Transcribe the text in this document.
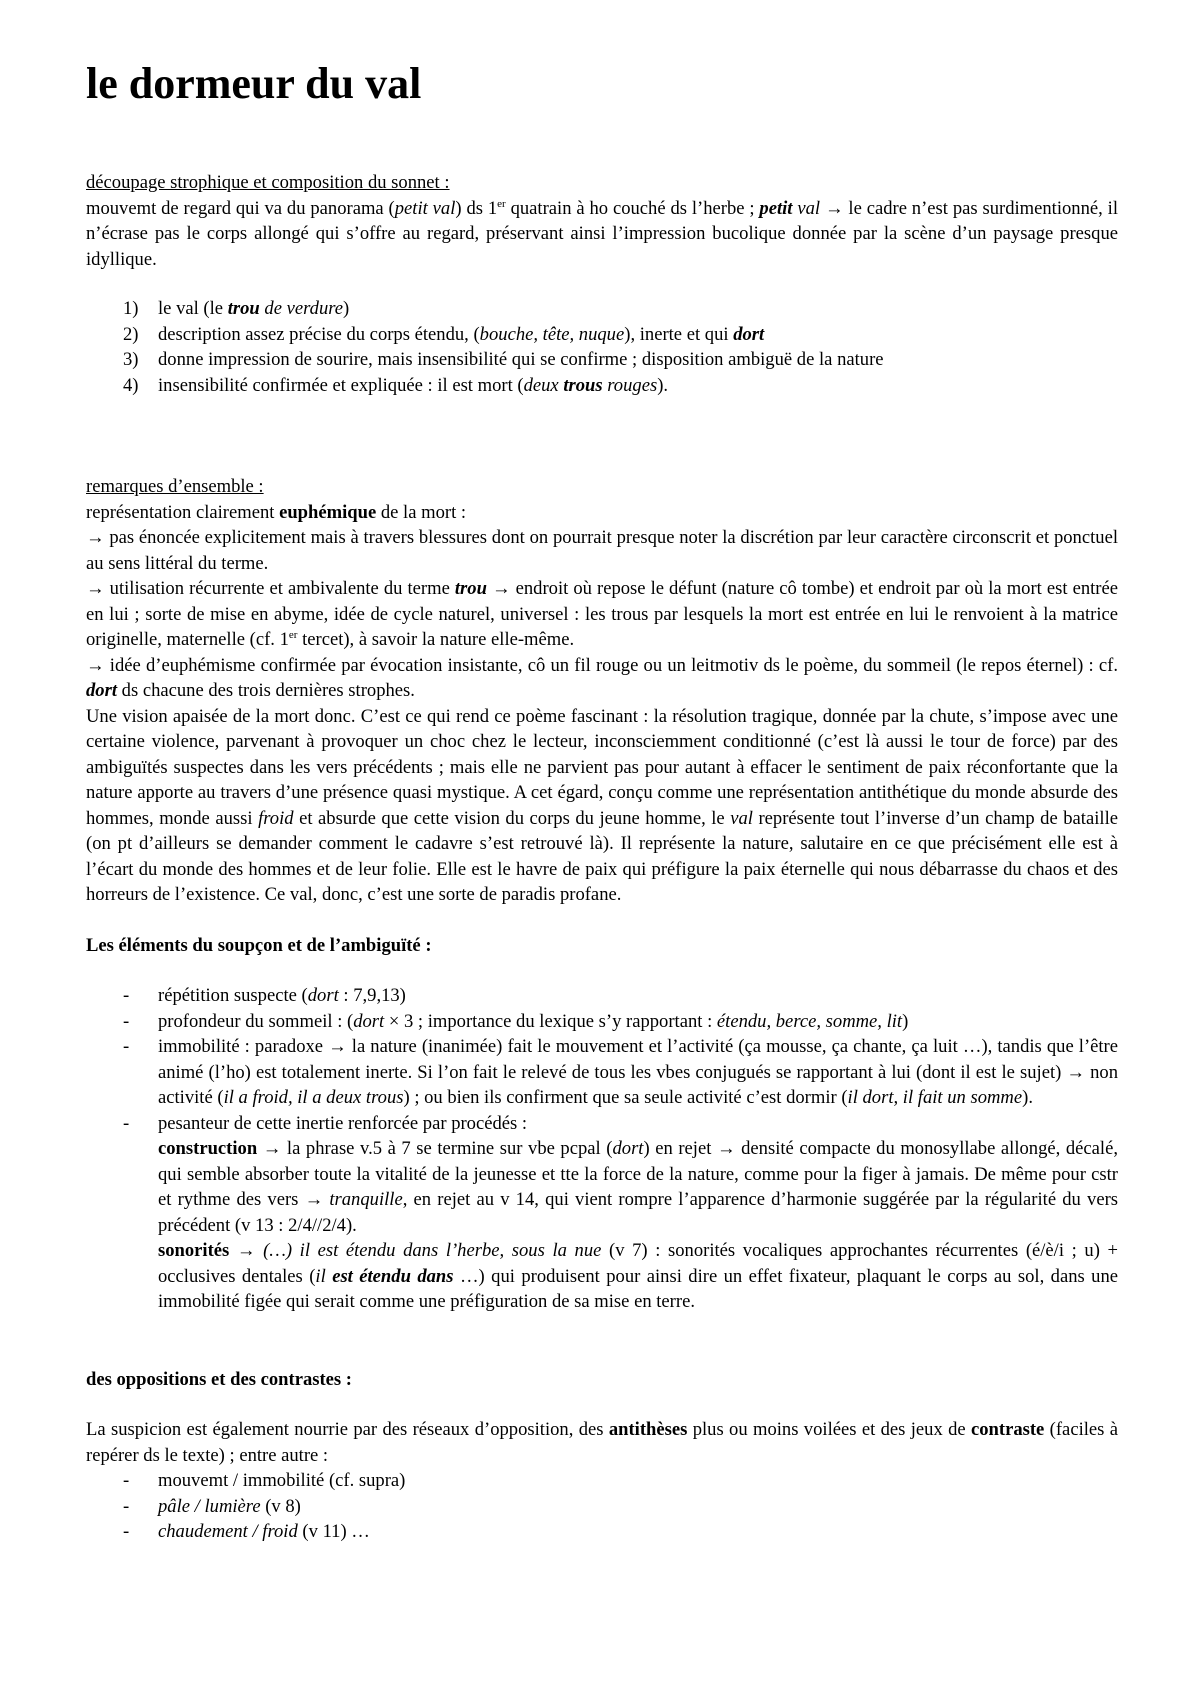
le dormeur du val

découpage strophique et composition du sonnet :

mouvemt de regard qui va du panorama (petit val) ds 1er quatrain à ho couché ds l’herbe ; petit val → le cadre n’est pas surdimentionné, il n’écrase pas le corps allongé qui s’offre au regard, préservant ainsi l’impression bucolique donnée par la scène d’un paysage presque idyllique.

1) le val (le trou de verdure)
2) description assez précise du corps étendu, (bouche, tête, nuque), inerte et qui dort
3) donne impression de sourire, mais insensibilité qui se confirme ; disposition ambiguë de la nature
4) insensibilité confirmée et expliquée : il est mort (deux trous rouges).

remarques d’ensemble :

représentation clairement euphémique de la mort :

→ pas énoncée explicitement mais à travers blessures dont on pourrait presque noter la discrétion par leur caractère circonscrit et ponctuel au sens littéral du terme.

→ utilisation récurrente et ambivalente du terme trou → endroit où repose le défunt (nature cô tombe) et endroit par où la mort est entrée en lui ; sorte de mise en abyme, idée de cycle naturel, universel : les trous par lesquels la mort est entrée en lui le renvoient à la matrice originelle, maternelle (cf. 1er tercet), à savoir la nature elle-même.

→ idée d’euphémisme confirmée par évocation insistante, cô un fil rouge ou un leitmotiv ds le poème, du sommeil (le repos éternel) : cf. dort ds chacune des trois dernières strophes.

Une vision apaisée de la mort donc. C’est ce qui rend ce poème fascinant : la résolution tragique, donnée par la chute, s’impose avec une certaine violence, parvenant à provoquer un choc chez le lecteur, inconsciemment conditionné (c’est là aussi le tour de force) par des ambiguïtés suspectes dans les vers précédents ; mais elle ne parvient pas pour autant à effacer le sentiment de paix réconfortante que la nature apporte au travers d’une présence quasi mystique. A cet égard, conçu comme une représentation antithétique du monde absurde des hommes, monde aussi froid et absurde que cette vision du corps du jeune homme, le val représente tout l’inverse d’un champ de bataille (on pt d’ailleurs se demander comment le cadavre s’est retrouvé là). Il représente la nature, salutaire en ce que précisément elle est à l’écart du monde des hommes et de leur folie. Elle est le havre de paix qui préfigure la paix éternelle qui nous débarrasse du chaos et des horreurs de l’existence. Ce val, donc, c’est une sorte de paradis profane.

Les éléments du soupçon et de l’ambiguïté :

- répétition suspecte (dort : 7,9,13)
- profondeur du sommeil : (dort × 3 ; importance du lexique s’y rapportant : étendu, berce, somme, lit)
- immobilité : paradoxe → la nature (inanimée) fait le mouvement et l’activité (ça mousse, ça chante, ça luit …), tandis que l’être animé (l’ho) est totalement inerte. Si l’on fait le relevé de tous les vbes conjugués se rapportant à lui (dont il est le sujet) → non activité (il a froid, il a deux trous) ; ou bien ils confirment que sa seule activité c’est dormir (il dort, il fait un somme).
- pesanteur de cette inertie renforcée par procédés :
construction → la phrase v.5 à 7 se termine sur vbe pcpal (dort) en rejet → densité compacte du monosyllabe allongé, décalé, qui semble absorber toute la vitalité de la jeunesse et tte la force de la nature, comme pour la figer à jamais. De même pour cstr et rythme des vers → tranquille, en rejet au v 14, qui vient rompre l’apparence d’harmonie suggérée par la régularité du vers précédent (v 13 : 2/4//2/4).
sonorités → (…) il est étendu dans l’herbe, sous la nue (v 7) : sonorités vocaliques approchantes récurrentes (é/è/i ; u) + occlusives dentales (il est étendu dans …) qui produisent pour ainsi dire un effet fixateur, plaquant le corps au sol, dans une immobilité figée qui serait comme une préfiguration de sa mise en terre.

des oppositions et des contrastes :

La suspicion est également nourrie par des réseaux d’opposition, des antithèses plus ou moins voilées et des jeux de contraste (faciles à repérer ds le texte) ; entre autre :

- mouvemt / immobilité (cf. supra)
- pâle / lumière (v 8)
- chaudement / froid (v 11) …
